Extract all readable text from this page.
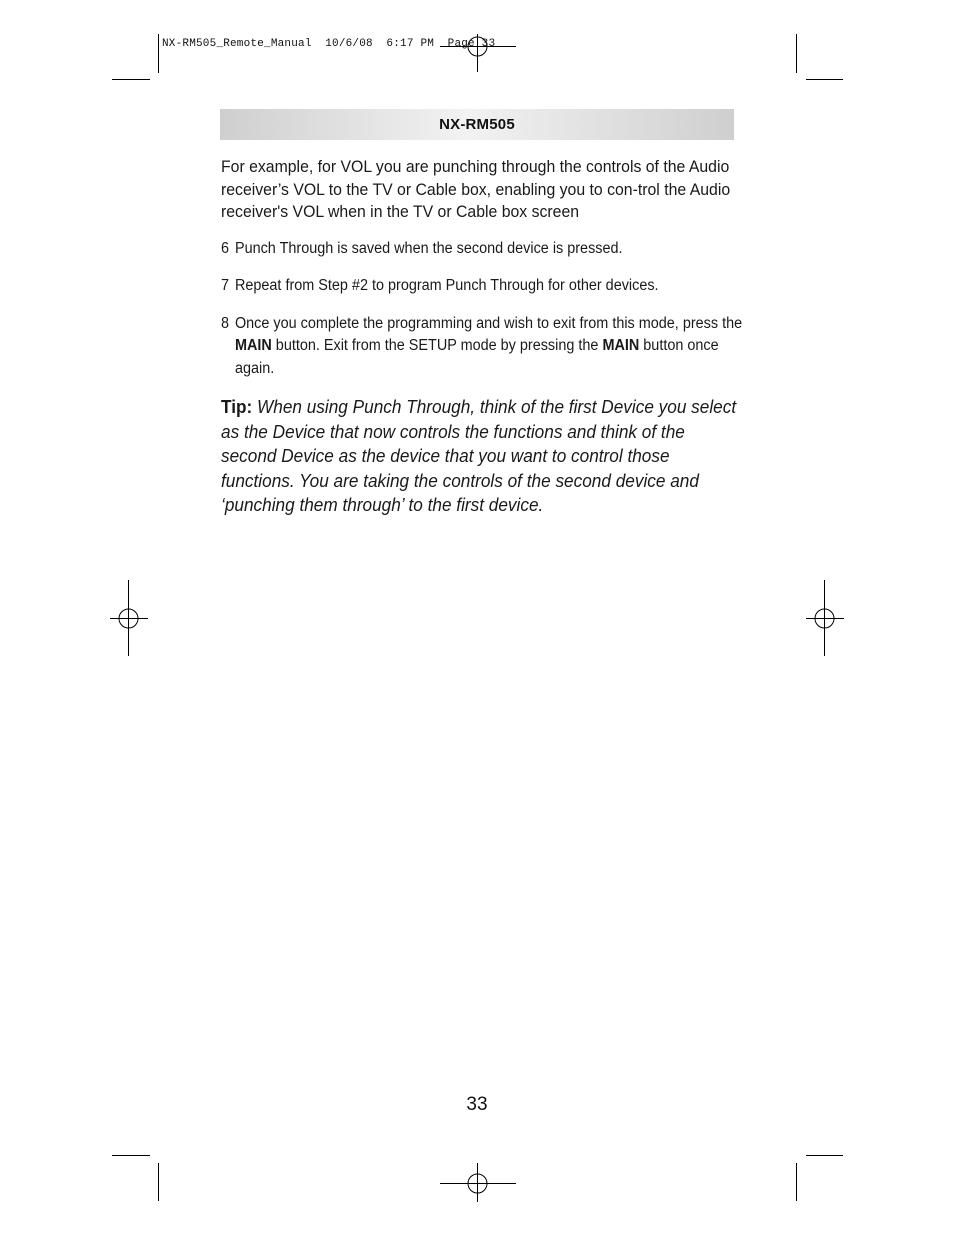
NX-RM505_Remote_Manual  10/6/08  6:17 PM  Page 33
NX-RM505

For example, for VOL you are punching through the controls of the Audio receiver’s VOL to the TV or Cable box, enabling you to con-trol the Audio receiver's VOL when in the TV or Cable box screen

6 Punch Through is saved when the second device is pressed.
7 Repeat from Step #2 to program Punch Through for other devices.
8 Once you complete the programming and wish to exit from this mode, press the MAIN button. Exit from the SETUP mode by pressing the MAIN button once again.
Tip: When using Punch Through, think of the first Device you select as the Device that now controls the functions and think of the second Device as the device that you want to control those functions. You are taking the controls of the second device and ‘punching them through’ to the first device.
33
